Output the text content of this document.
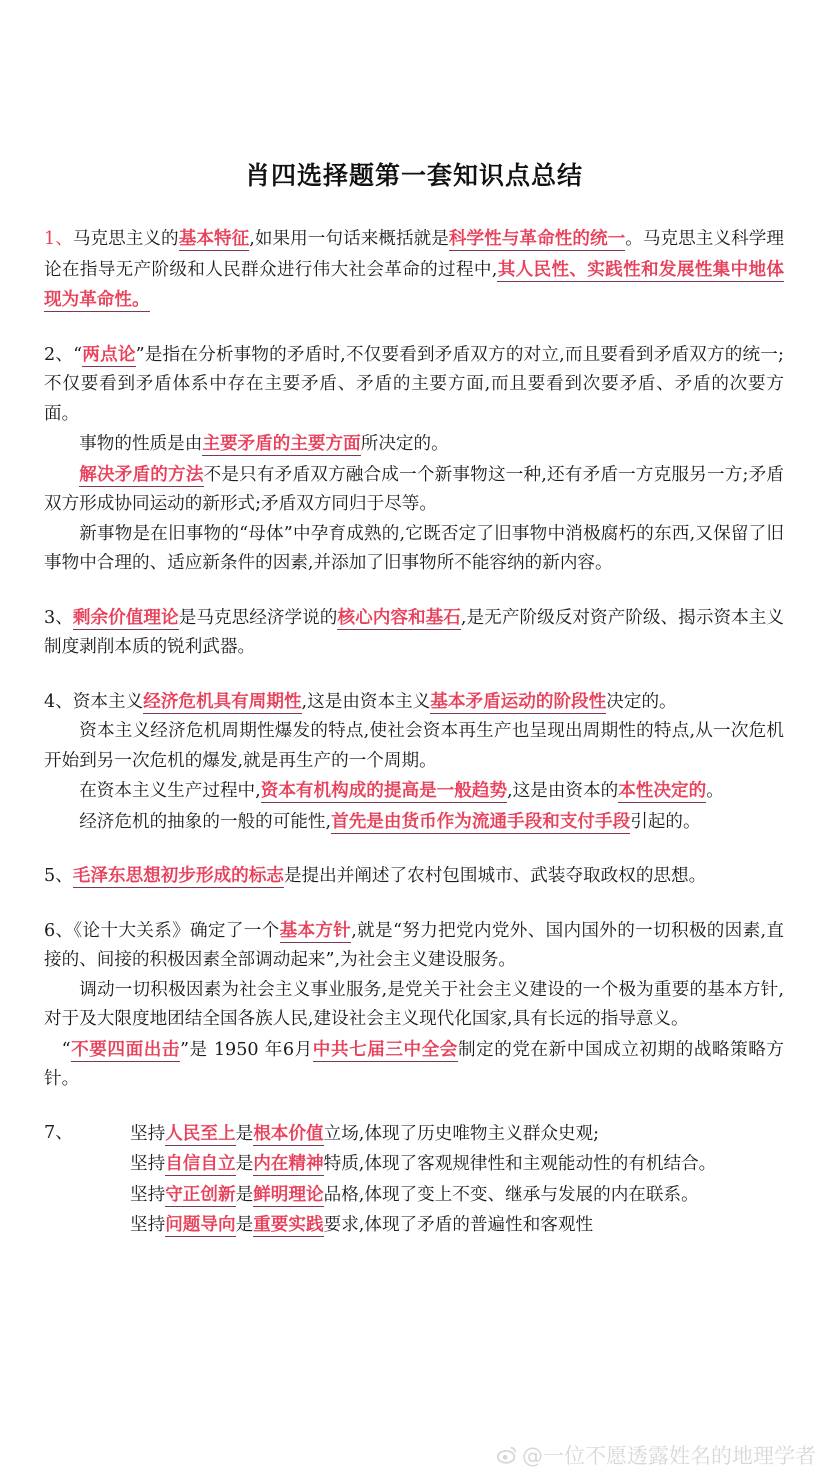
肖四选择题第一套知识点总结

1、马克思主义的基本特征,如果用一句话来概括就是科学性与革命性的统一。马克思主义科学理论在指导无产阶级和人民群众进行伟大社会革命的过程中,其人民性、实践性和发展性集中地体现为革命性。

2、“两点论”是指在分析事物的矛盾时,不仅要看到矛盾双方的对立,而且要看到矛盾双方的统一;不仅要看到矛盾体系中存在主要矛盾、矛盾的主要方面,而且要看到次要矛盾、矛盾的次要方面。

事物的性质是由主要矛盾的主要方面所决定的。

解决矛盾的方法不是只有矛盾双方融合成一个新事物这一种,还有矛盾一方克服另一方;矛盾双方形成协同运动的新形式;矛盾双方同归于尽等。

新事物是在旧事物的“母体”中孕育成熟的,它既否定了旧事物中消极腐朽的东西,又保留了旧事物中合理的、适应新条件的因素,并添加了旧事物所不能容纳的新内容。

3、剩余价值理论是马克思经济学说的核心内容和基石,是无产阶级反对资产阶级、揭示资本主义制度剥削本质的锐利武器。

4、资本主义经济危机具有周期性,这是由资本主义基本矛盾运动的阶段性决定的。

资本主义经济危机周期性爆发的特点,使社会资本再生产也呈现出周期性的特点,从一次危机开始到另一次危机的爆发,就是再生产的一个周期。

在资本主义生产过程中,资本有机构成的提高是一般趋势,这是由资本的本性决定的。

经济危机的抽象的一般的可能性,首先是由货币作为流通手段和支付手段引起的。

5、毛泽东思想初步形成的标志是提出并阐述了农村包围城市、武装夺取政权的思想。

6、《论十大关系》确定了一个基本方针,就是“努力把党内党外、国内国外的一切积极的因素,直接的、间接的积极因素全部调动起来”,为社会主义建设服务。

调动一切积极因素为社会主义事业服务,是党关于社会主义建设的一个极为重要的基本方针,对于及大限度地团结全国各族人民,建设社会主义现代化国家,具有长远的指导意义。

“不要四面出击”是 1950 年6月中共七届三中全会制定的党在新中国成立初期的战略策略方针。

7、	坚持人民至上是根本价值立场,体现了历史唯物主义群众史观;

坚持自信自立是内在精神特质,体现了客观规律性和主观能动性的有机结合。

坚持守正创新是鲜明理论品格,体现了变上不变、继承与发展的内在联系。

坚持问题导向是重要实践要求,体现了矛盾的普遍性和客观性

@一位不愿透露姓名的地理学者
